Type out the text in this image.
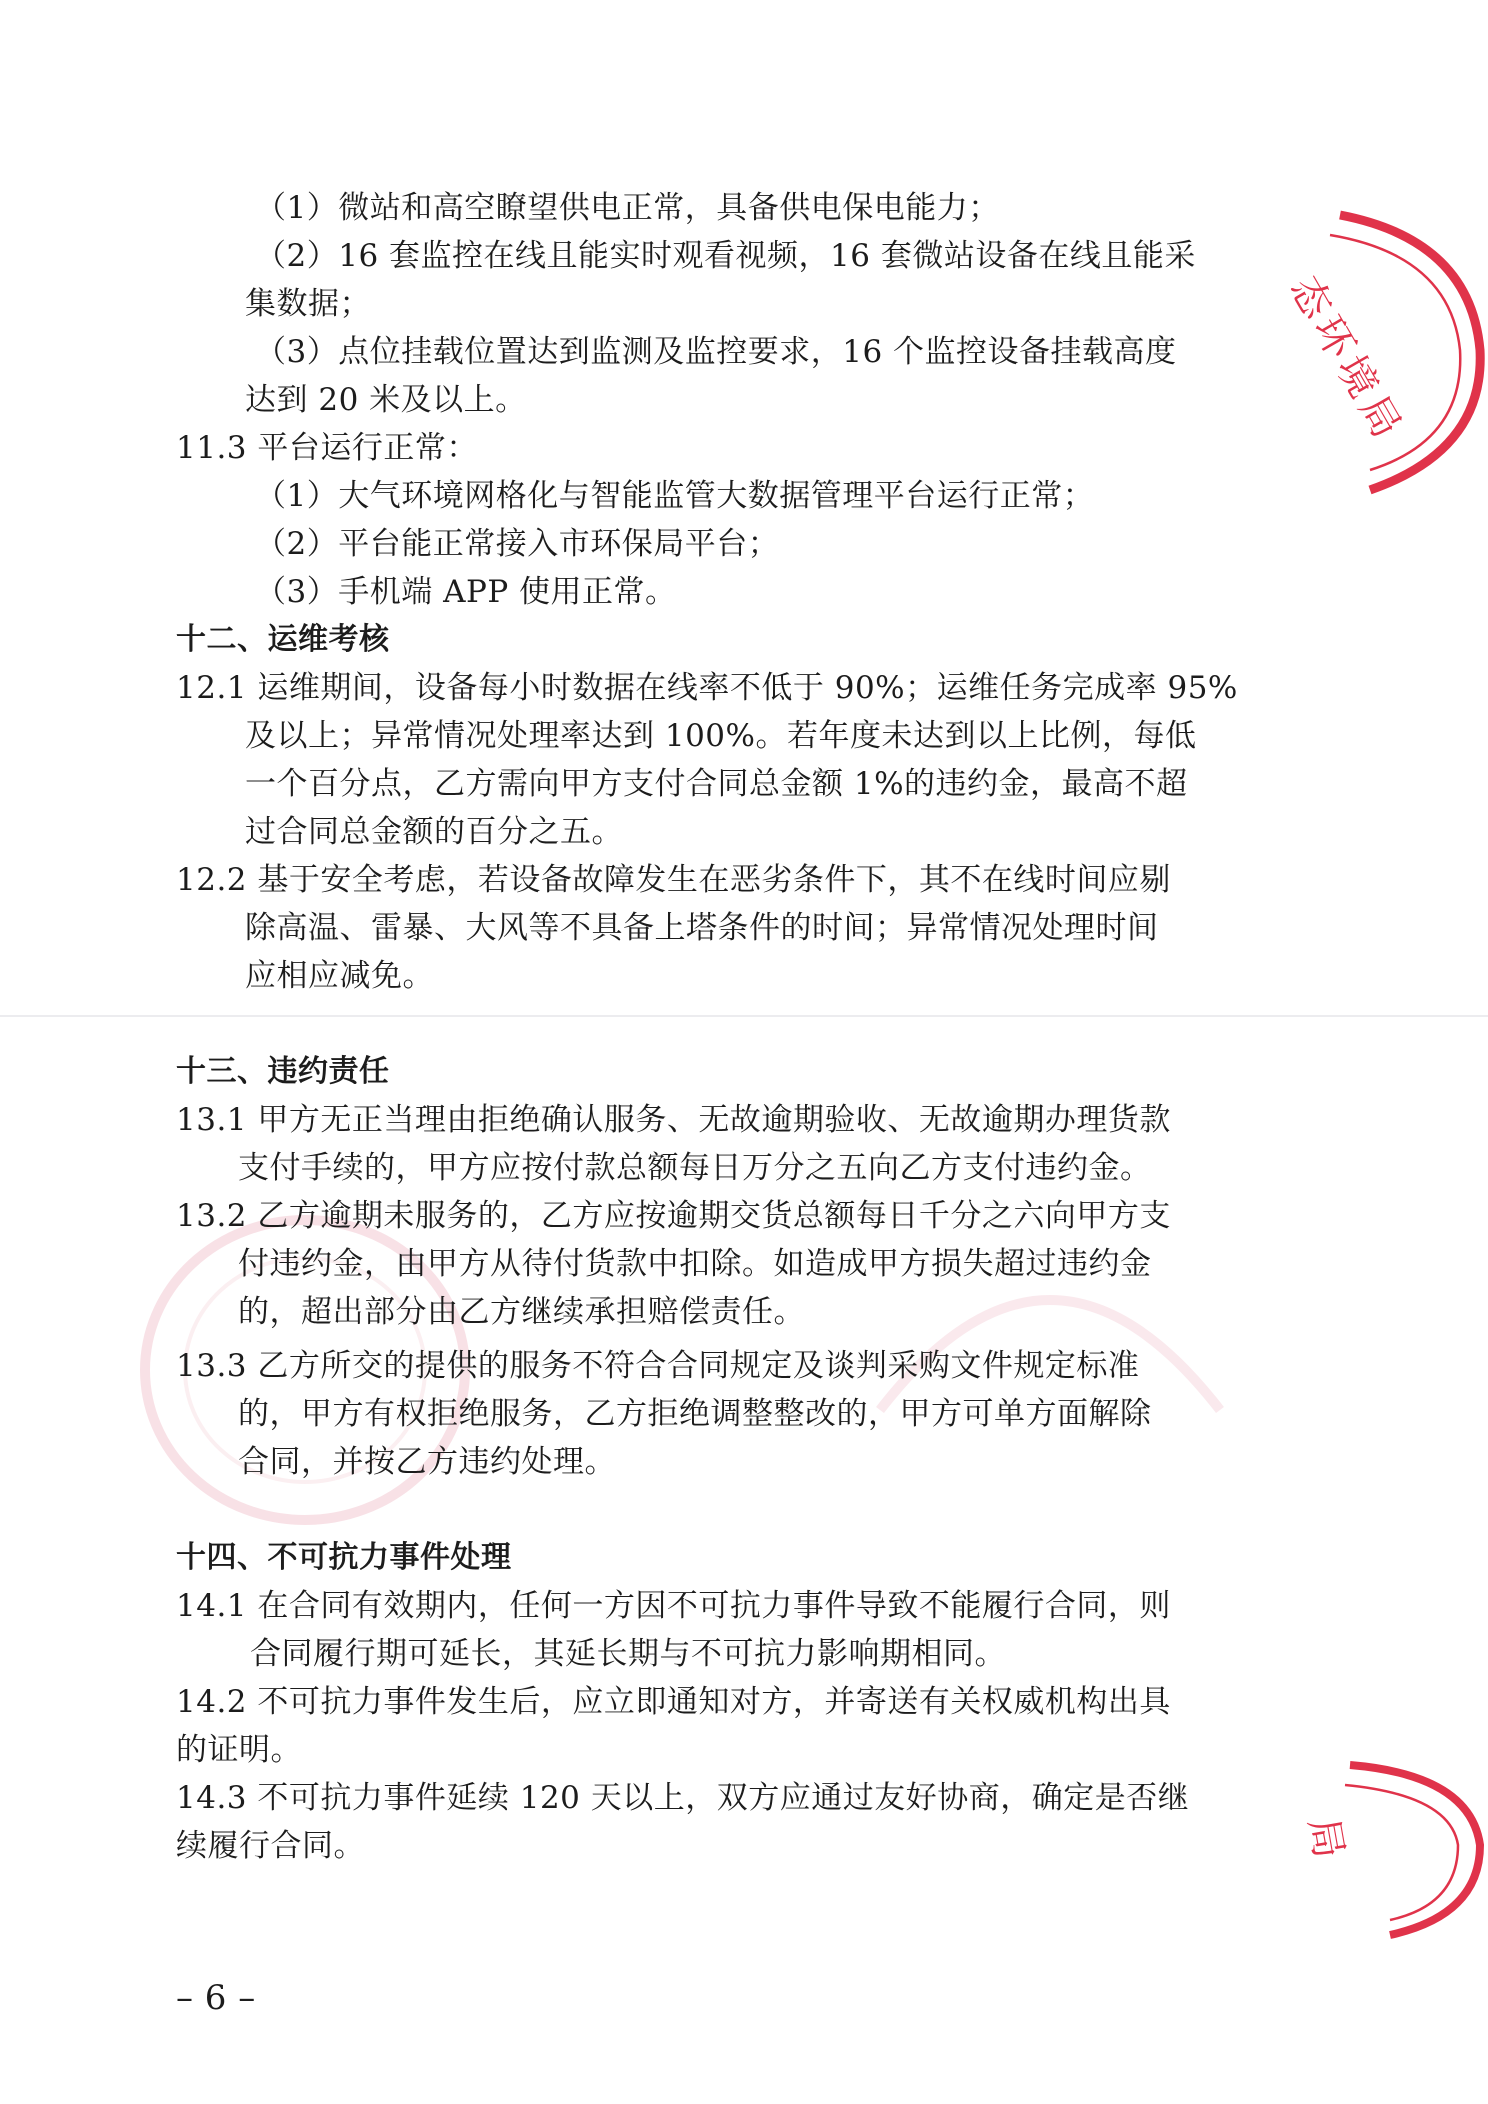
态环境局
局
（1）微站和高空瞭望供电正常，具备供电保电能力；
（2）16 套监控在线且能实时观看视频，16 套微站设备在线且能采
集数据；
（3）点位挂载位置达到监测及监控要求，16 个监控设备挂载高度
达到 20 米及以上。
11.3 平台运行正常：
（1）大气环境网格化与智能监管大数据管理平台运行正常；
（2）平台能正常接入市环保局平台；
（3）手机端 APP 使用正常。
十二、运维考核
12.1 运维期间，设备每小时数据在线率不低于 90%；运维任务完成率 95%
及以上；异常情况处理率达到 100%。若年度未达到以上比例，每低
一个百分点，乙方需向甲方支付合同总金额 1%的违约金，最高不超
过合同总金额的百分之五。
12.2 基于安全考虑，若设备故障发生在恶劣条件下，其不在线时间应剔
除高温、雷暴、大风等不具备上塔条件的时间；异常情况处理时间
应相应减免。
十三、违约责任
13.1 甲方无正当理由拒绝确认服务、无故逾期验收、无故逾期办理货款
支付手续的，甲方应按付款总额每日万分之五向乙方支付违约金。
13.2 乙方逾期未服务的，乙方应按逾期交货总额每日千分之六向甲方支
付违约金，由甲方从待付货款中扣除。如造成甲方损失超过违约金
的，超出部分由乙方继续承担赔偿责任。
13.3 乙方所交的提供的服务不符合合同规定及谈判采购文件规定标准
的，甲方有权拒绝服务，乙方拒绝调整整改的，甲方可单方面解除
合同，并按乙方违约处理。
十四、不可抗力事件处理
14.1 在合同有效期内，任何一方因不可抗力事件导致不能履行合同，则
合同履行期可延长，其延长期与不可抗力影响期相同。
14.2 不可抗力事件发生后，应立即通知对方，并寄送有关权威机构出具
的证明。
14.3 不可抗力事件延续 120 天以上，双方应通过友好协商，确定是否继
续履行合同。
– 6 –
